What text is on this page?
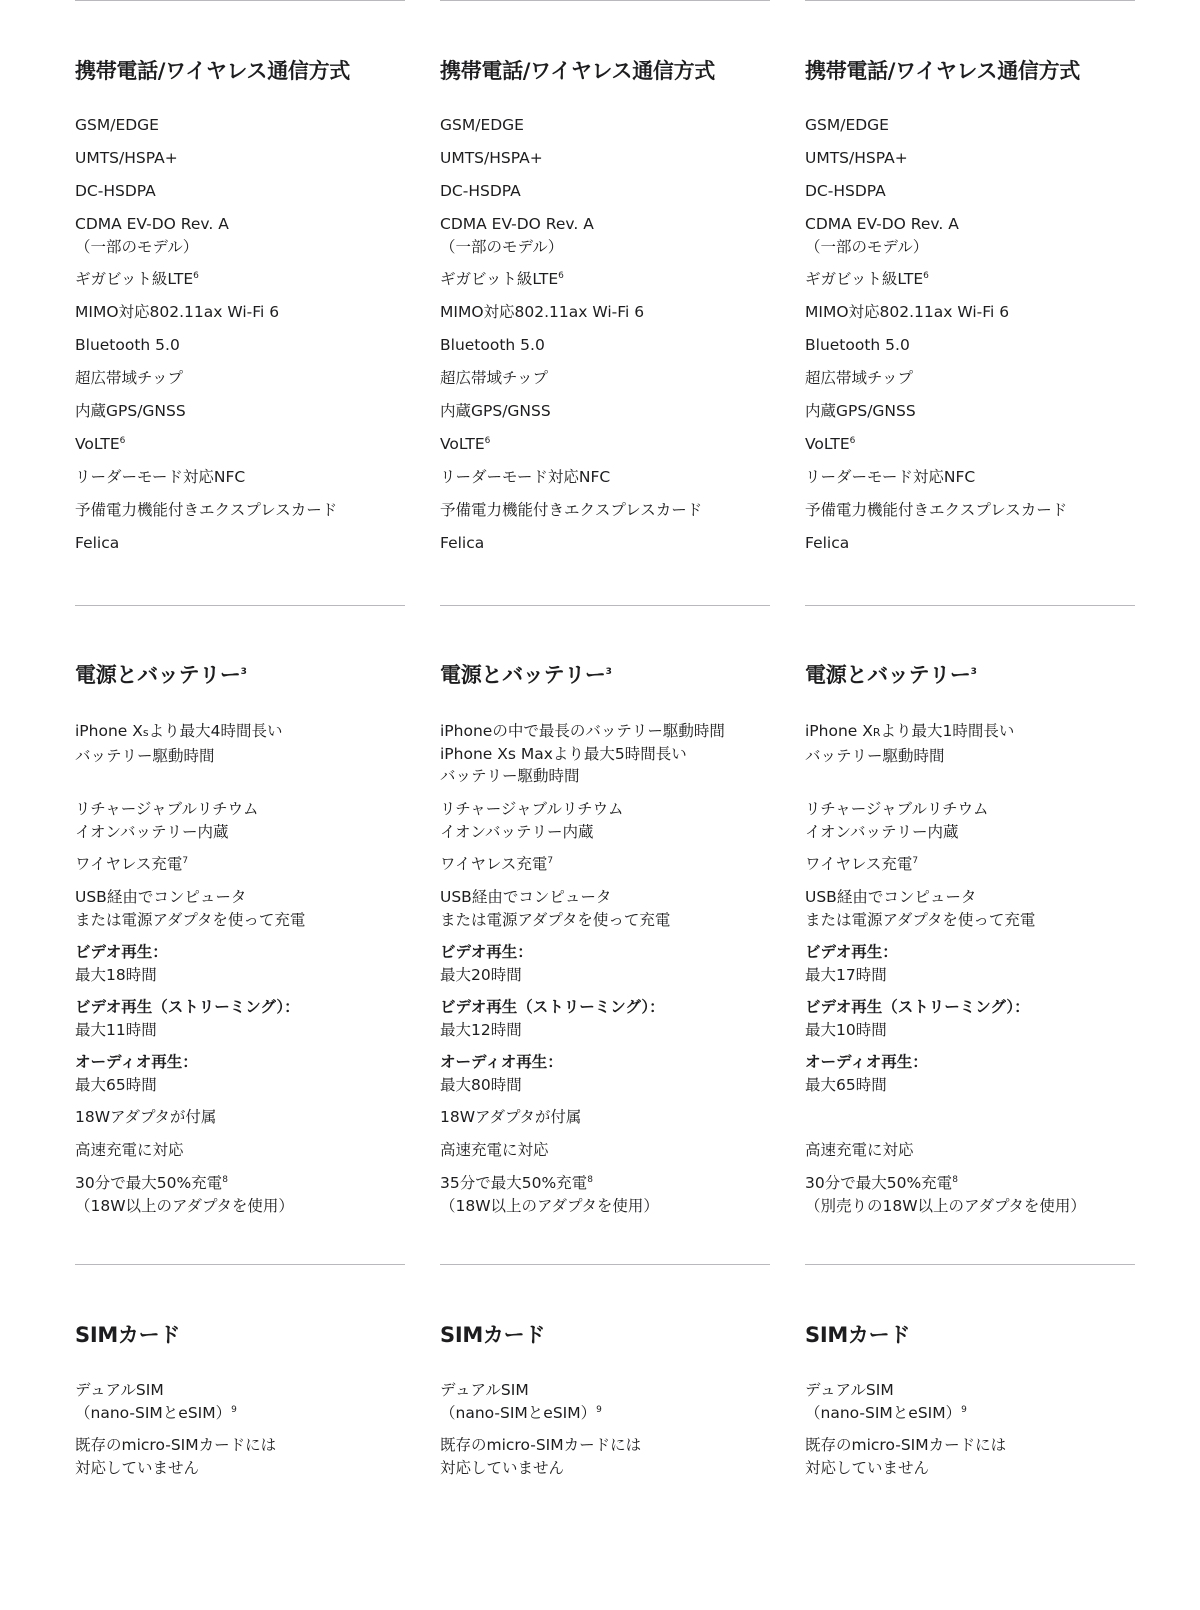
携帯電話/ワイヤレス通信方式
GSM/EDGE
UMTS/HSPA+
DC-HSDPA
CDMA EV-DO Rev. A
（一部のモデル）
ギガビット級LTE$^6$
MIMO対応802.11ax Wi-Fi 6
Bluetooth 5.0
超広帯域チップ
内蔵GPS/GNSS
VoLTE$^6$
リーダーモード対応NFC
予備電力機能付きエクスプレスカード
Felica
電源とバッテリー$^3$
iPhone Xsより最大4時間長い
バッテリー駆動時間
リチャージャブルリチウム
イオンバッテリー内蔵
ワイヤレス充電$^7$
USB経由でコンピュータ
または電源アダプタを使って充電
ビデオ再生：
最大18時間
ビデオ再生（ストリーミング）：
最大11時間
オーディオ再生：
最大65時間
18Wアダプタが付属
高速充電に対応
30分で最大50%充電$^8$
（18W以上のアダプタを使用）
SIMカード
デュアルSIM
（nano-SIMとeSIM）$^9$
既存のmicro-SIMカードには
対応していません
携帯電話/ワイヤレス通信方式
GSM/EDGE
UMTS/HSPA+
DC-HSDPA
CDMA EV-DO Rev. A
（一部のモデル）
ギガビット級LTE$^6$
MIMO対応802.11ax Wi-Fi 6
Bluetooth 5.0
超広帯域チップ
内蔵GPS/GNSS
VoLTE$^6$
リーダーモード対応NFC
予備電力機能付きエクスプレスカード
Felica
電源とバッテリー$^3$
iPhoneの中で最長のバッテリー駆動時間
iPhone Xs Maxより最大5時間長い
バッテリー駆動時間
リチャージャブルリチウム
イオンバッテリー内蔵
ワイヤレス充電$^7$
USB経由でコンピュータ
または電源アダプタを使って充電
ビデオ再生：
最大20時間
ビデオ再生（ストリーミング）：
最大12時間
オーディオ再生：
最大80時間
18Wアダプタが付属
高速充電に対応
35分で最大50%充電$^8$
（18W以上のアダプタを使用）
SIMカード
デュアルSIM
（nano-SIMとeSIM）$^9$
既存のmicro-SIMカードには
対応していません
携帯電話/ワイヤレス通信方式
GSM/EDGE
UMTS/HSPA+
DC-HSDPA
CDMA EV-DO Rev. A
（一部のモデル）
ギガビット級LTE$^6$
MIMO対応802.11ax Wi-Fi 6
Bluetooth 5.0
超広帯域チップ
内蔵GPS/GNSS
VoLTE$^6$
リーダーモード対応NFC
予備電力機能付きエクスプレスカード
Felica
電源とバッテリー$^3$
iPhone XRより最大1時間長い
バッテリー駆動時間
リチャージャブルリチウム
イオンバッテリー内蔵
ワイヤレス充電$^7$
USB経由でコンピュータ
または電源アダプタを使って充電
ビデオ再生：
最大17時間
ビデオ再生（ストリーミング）：
最大10時間
オーディオ再生：
最大65時間
高速充電に対応
30分で最大50%充電$^8$
（別売りの18W以上のアダプタを使用）
SIMカード
デュアルSIM
（nano-SIMとeSIM）$^9$
既存のmicro-SIMカードには
対応していません
